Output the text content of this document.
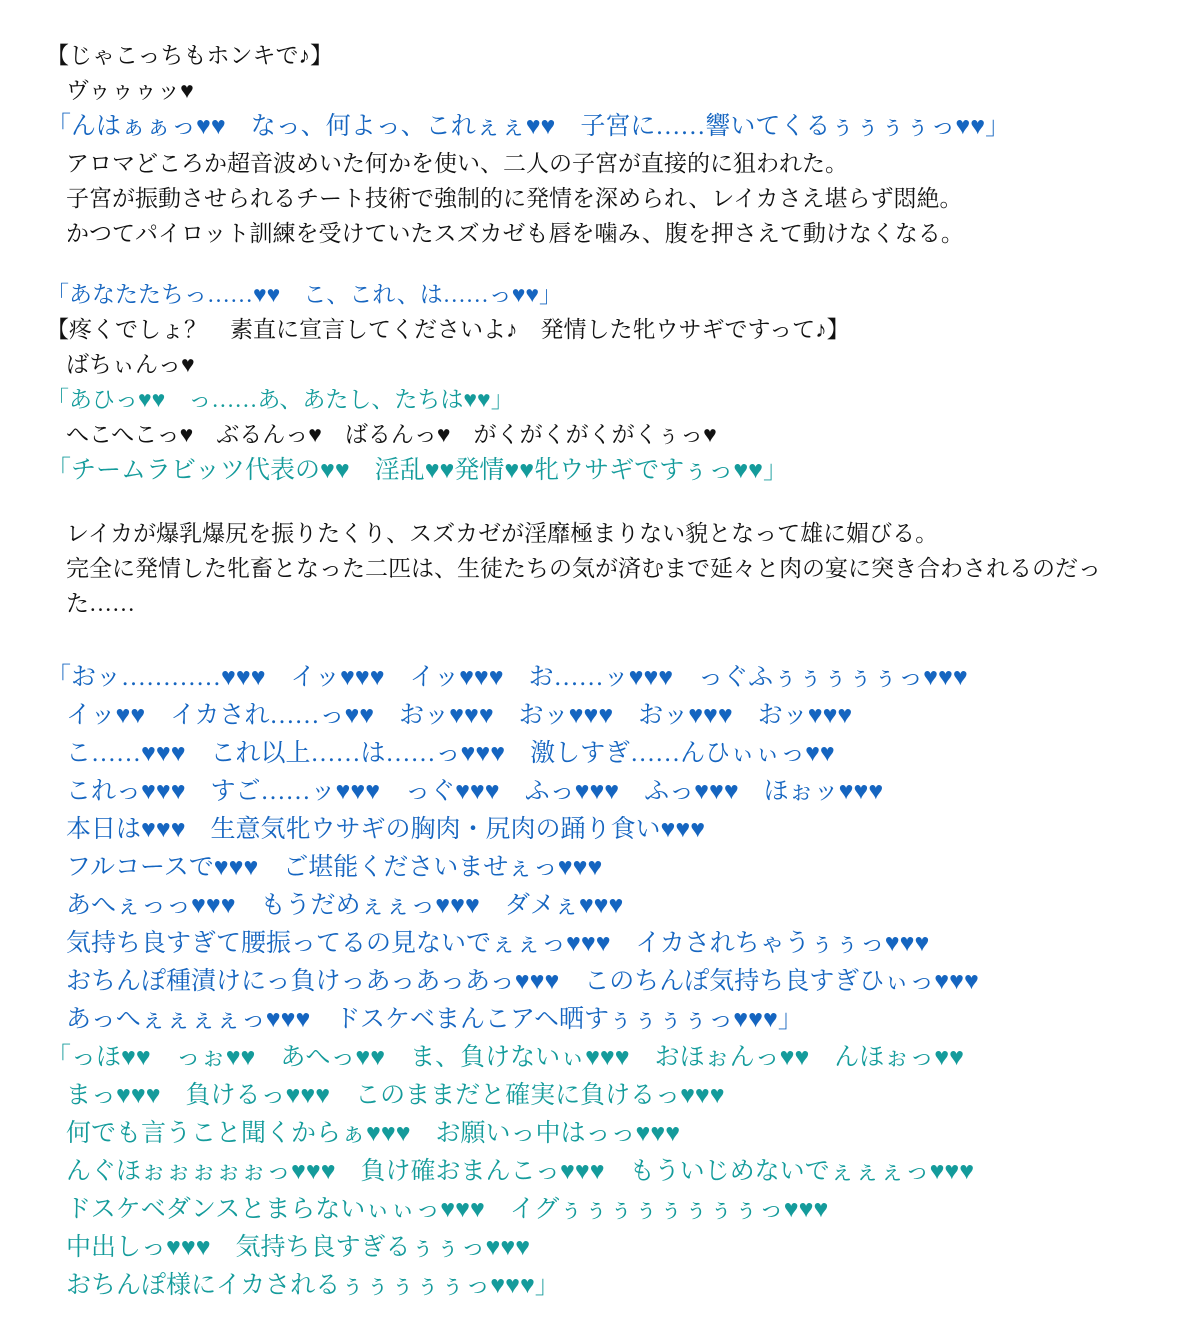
【じゃこっちもホンキで♪】

ヴゥゥゥッ♥

「んはぁぁっ♥♥　なっ、何よっ、これぇぇ♥♥　子宮に……響いてくるぅぅぅぅっ♥♥」

アロマどころか超音波めいた何かを使い、二人の子宮が直接的に狙われた。

子宮が振動させられるチート技術で強制的に発情を深められ、レイカさえ堪らず悶絶。

かつてパイロット訓練を受けていたスズカゼも唇を噛み、腹を押さえて動けなくなる。

「あなたたちっ……♥♥　こ、これ、は……っ♥♥」

【疼くでしょ？　素直に宣言してくださいよ♪　発情した牝ウサギですって♪】

ばちぃんっ♥

「あひっ♥♥　っ……あ、あたし、たちは♥♥」

へこへこっ♥　ぶるんっ♥　ばるんっ♥　がくがくがくがくぅっ♥

「チームラビッツ代表の♥♥　淫乱♥♥発情♥♥牝ウサギですぅっ♥♥」

レイカが爆乳爆尻を振りたくり、スズカゼが淫靡極まりない貌となって雄に媚びる。

完全に発情した牝畜となった二匹は、生徒たちの気が済むまで延々と肉の宴に突き合わされるのだった……

「おッ…………♥♥♥　イッ♥♥♥　イッ♥♥♥　お……ッ♥♥♥　っぐふぅぅぅぅぅっ♥♥♥

イッ♥♥　イカされ……っ♥♥　おッ♥♥♥　おッ♥♥♥　おッ♥♥♥　おッ♥♥♥

こ……♥♥♥　これ以上……は……っ♥♥♥　激しすぎ……んひぃぃっ♥♥

これっ♥♥♥　すご……ッ♥♥♥　っぐ♥♥♥　ふっ♥♥♥　ふっ♥♥♥　ほぉッ♥♥♥

本日は♥♥♥　生意気牝ウサギの胸肉・尻肉の踊り食い♥♥♥

フルコースで♥♥♥　ご堪能くださいませぇっ♥♥♥

あへぇっっ♥♥♥　もうだめぇぇっ♥♥♥　ダメぇ♥♥♥

気持ち良すぎて腰振ってるの見ないでぇぇっ♥♥♥　イカされちゃうぅぅっ♥♥♥

おちんぽ種漬けにっ負けっあっあっあっ♥♥♥　このちんぽ気持ち良すぎひぃっ♥♥♥

あっへぇぇぇぇっ♥♥♥　ドスケベまんこアヘ晒すぅぅぅぅっ♥♥♥」

「っほ♥♥　っぉ♥♥　あへっ♥♥　ま、負けないぃ♥♥♥　おほぉんっ♥♥　んほぉっ♥♥

まっ♥♥♥　負けるっ♥♥♥　このままだと確実に負けるっ♥♥♥

何でも言うこと聞くからぁ♥♥♥　お願いっ中はっっ♥♥♥

んぐほぉぉぉぉぉっ♥♥♥　負け確おまんこっ♥♥♥　もういじめないでぇぇぇっ♥♥♥

ドスケベダンスとまらないぃぃっ♥♥♥　イグぅぅぅぅぅぅぅぅっ♥♥♥

中出しっ♥♥♥　気持ち良すぎるぅぅっ♥♥♥

おちんぽ様にイカされるぅぅぅぅぅっ♥♥♥」
